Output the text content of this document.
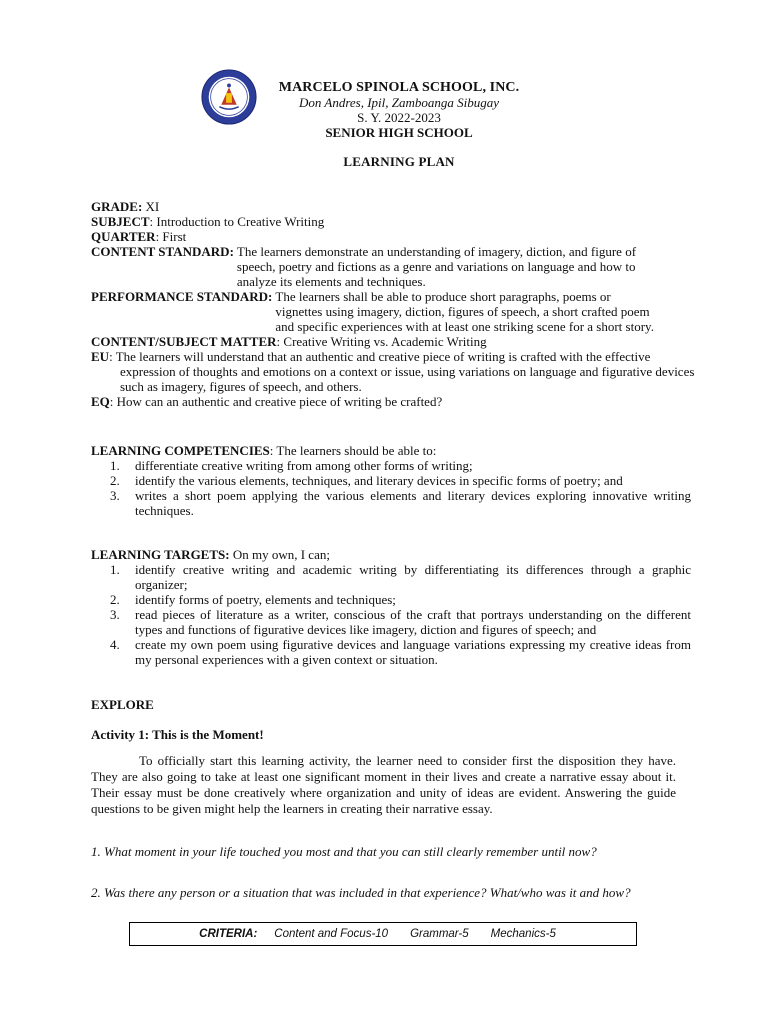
MARCELO SPINOLA SCHOOL, INC.
Don Andres, Ipil, Zamboanga Sibugay
S. Y. 2022-2023
SENIOR HIGH SCHOOL
LEARNING PLAN
GRADE: XI
SUBJECT: Introduction to Creative Writing
QUARTER: First
CONTENT STANDARD: The learners demonstrate an understanding of imagery, diction, and figure of speech, poetry and fictions as a genre and variations on language and how to analyze its elements and techniques.
PERFORMANCE STANDARD: The learners shall be able to produce short paragraphs, poems or vignettes using imagery, diction, figures of speech, a short crafted poem and specific experiences with at least one striking scene for a short story.
CONTENT/SUBJECT MATTER: Creative Writing vs. Academic Writing
EU: The learners will understand that an authentic and creative piece of writing is crafted with the effective expression of thoughts and emotions on a context or issue, using variations on language and figurative devices such as imagery, figures of speech, and others.
EQ: How can an authentic and creative piece of writing be crafted?
LEARNING COMPETENCIES: The learners should be able to:
1.	differentiate creative writing from among other forms of writing;
2.	identify the various elements, techniques, and literary devices in specific forms of poetry; and
3.	writes a short poem applying the various elements and literary devices exploring innovative writing techniques.
LEARNING TARGETS: On my own, I can;
1.	identify creative writing and academic writing by differentiating its differences through a graphic organizer;
2.	identify forms of poetry, elements and techniques;
3.	read pieces of literature as a writer, conscious of the craft that portrays understanding on the different types and functions of figurative devices like imagery, diction and figures of speech; and
4.	create my own poem using figurative devices and language variations expressing my creative ideas from my personal experiences with a given context or situation.
EXPLORE
Activity 1: This is the Moment!
To officially start this learning activity, the learner need to consider first the disposition they have. They are also going to take at least one significant moment in their lives and create a narrative essay about it. Their essay must be done creatively where organization and unity of ideas are evident. Answering the guide questions to be given might help the learners in creating their narrative essay.
1. What moment in your life touched you most and that you can still clearly remember until now?
2. Was there any person or a situation that was included in that experience? What/who was it and how?
CRITERIA: Content and Focus-10 Grammar-5 Mechanics-5
